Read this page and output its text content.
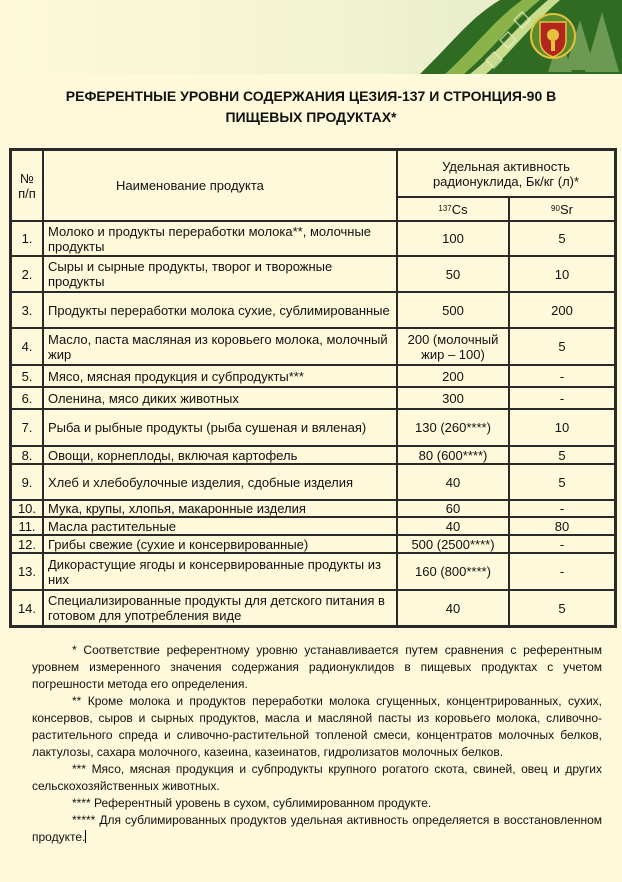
РЕФЕРЕНТНЫЕ УРОВНИ СОДЕРЖАНИЯ ЦЕЗИЯ-137 И СТРОНЦИЯ-90 В
ПИЩЕВЫХ ПРОДУКТАХ*
№ п/п	Наименование продукта	Удельная активность радионуклида, Бк/кг (л)*	
		$^{137}$Cs	$^{90}$Sr
1.	Молоко и продукты переработки молока**, молочные продукты	100	5
2.	Сыры и сырные продукты, творог и творожные продукты	50	10
3.	Продукты переработки молока сухие, сублимированные	500	200
4.	Масло, паста масляная из коровьего молока, молочный жир	200 (молочный жир – 100)	5
5.	Мясо, мясная продукция и субпродукты***	200	-
6.	Оленина, мясо диких животных	300	-
7.	Рыба и рыбные продукты (рыба сушеная и вяленая)	130 (260****)	10
8.	Овощи, корнеплоды, включая картофель	80 (600****)	5
9.	Хлеб и хлебобулочные изделия, сдобные изделия	40	5
10.	Мука, крупы, хлопья, макаронные изделия	60	-
11.	Масла растительные	40	80
12.	Грибы свежие (сухие и консервированные)	500 (2500****)	-
13.	Дикорастущие ягоды и консервированные продукты из них	160 (800****)	-
14.	Специализированные продукты для детского питания в готовом для употребления виде	40	5

* Соответствие референтному уровню устанавливается путем сравнения с референтным уровнем измеренного значения содержания радионуклидов в пищевых продуктах с учетом погрешности метода его определения.

** Кроме молока и продуктов переработки молока сгущенных, концентрированных, сухих, консервов, сыров и сырных продуктов, масла и масляной пасты из коровьего молока, сливочно-растительного спреда и сливочно-растительной топленой смеси, концентратов молочных белков, лактулозы, сахара молочного, казеина, казеинатов, гидролизатов молочных белков.

*** Мясо, мясная продукция и субпродукты крупного рогатого скота, свиней, овец и других сельскохозяйственных животных.

**** Референтный уровень в сухом, сублимированном продукте.

***** Для сублимированных продуктов удельная активность определяется в восстановленном продукте.
